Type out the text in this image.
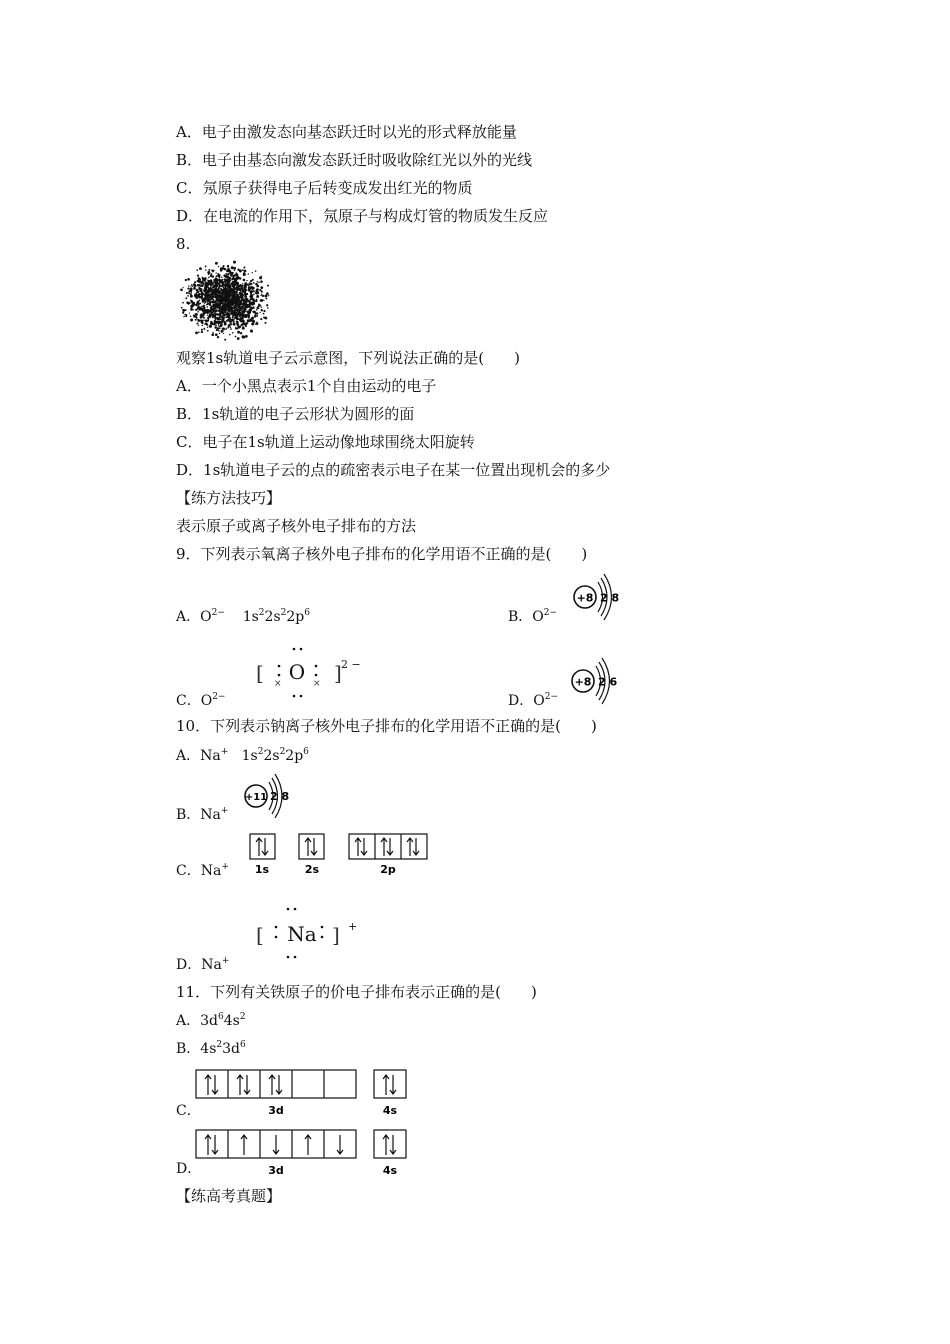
A．电子由激发态向基态跃迁时以光的形式释放能量
B．电子由基态向激发态跃迁时吸收除红光以外的光线
C．氖原子获得电子后转变成发出红光的物质
D．在电流的作用下，氖原子与构成灯管的物质发生反应
8.
观察1s轨道电子云示意图，下列说法正确的是(　　)
A．一个小黑点表示1个自由运动的电子
B．1s轨道的电子云形状为圆形的面
C．电子在1s轨道上运动像地球围绕太阳旋转
D．1s轨道电子云的点的疏密表示电子在某一位置出现机会的多少
【练方法技巧】
表示原子或离子核外电子排布的方法
9．下列表示氧离子核外电子排布的化学用语不正确的是(　　)
A．$O^{2-}$ $1s^22s^22p^6$	B．$O^{2-}$
+8 2 8
[	]
O
×	×
2 −
C．$O^{2-}$	D．$O^{2-}$
+8 2 6
10．下列表示钠离子核外电子排布的化学用语不正确的是(　　)
A．Na+ $1s^22s^22p^6$
+11 2 8
B．Na+
1s	2s	2p
C．Na+
[	]
Na	+
D．Na+
11．下列有关铁原子的价电子排布表示正确的是(　　)
A．$3d^64s^2$
B．$4s^23d^6$
3d	4s
C．
3d	4s
D．
【练高考真题】
